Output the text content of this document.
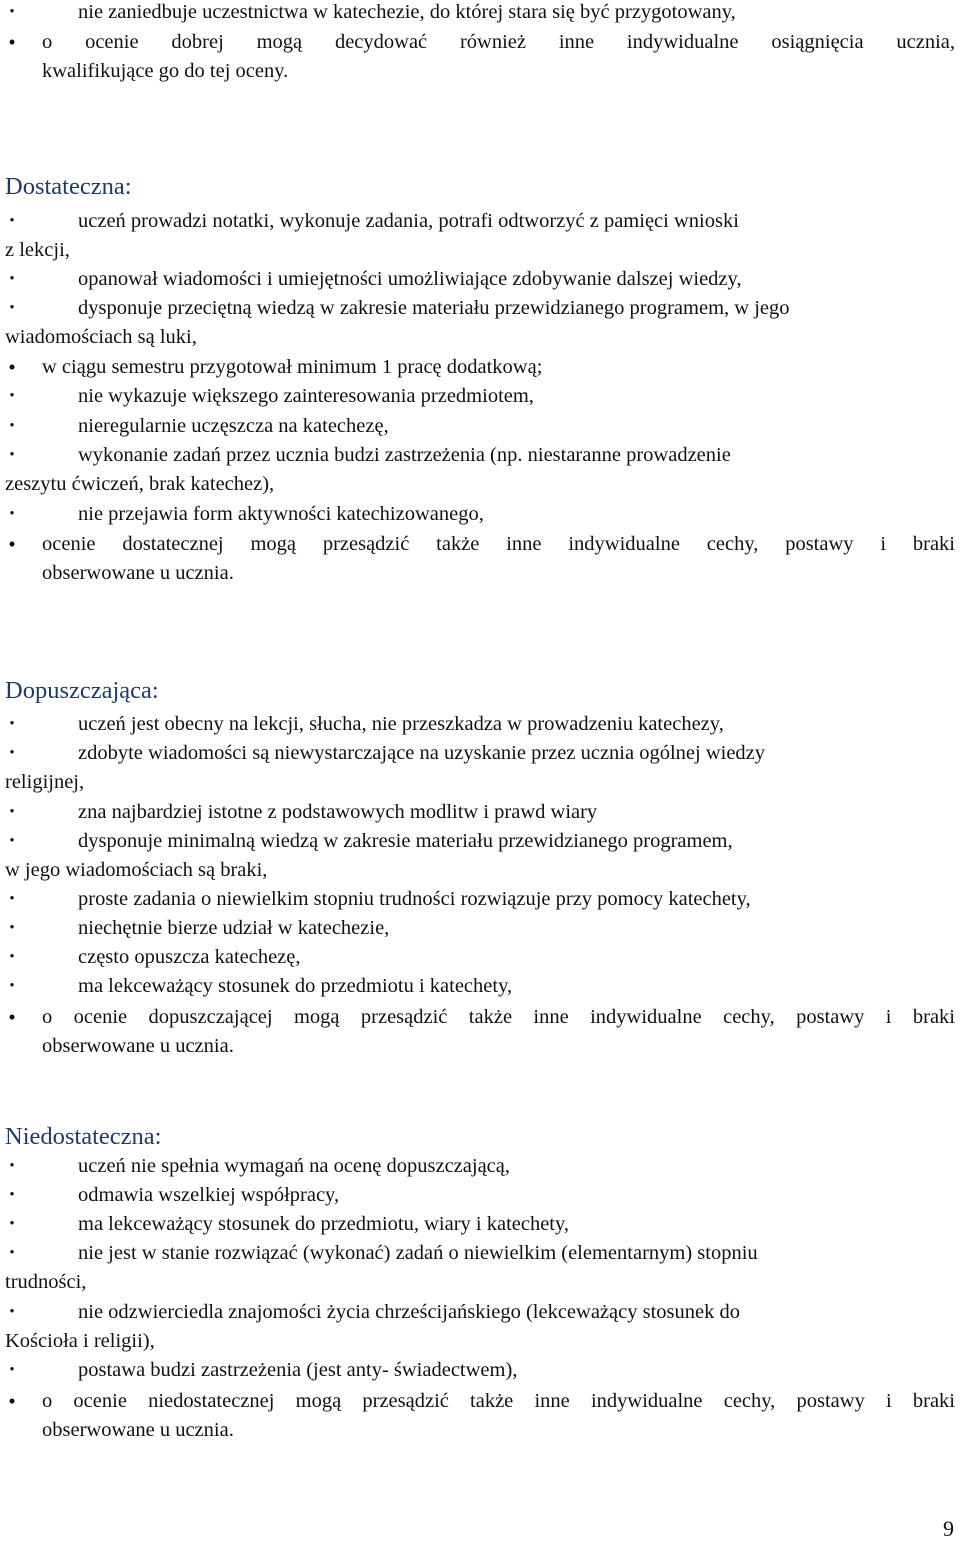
•	nie zaniedbuje uczestnictwa w katechezie, do której stara się być przygotowany,
• o ocenie dobrej mogą decydować również inne indywidualne osiągnięcia ucznia,
kwalifikujące go do tej oceny.
Dostateczna:
•	uczeń prowadzi notatki, wykonuje zadania, potrafi odtworzyć z pamięci wnioski
z lekcji,
•	opanował wiadomości i umiejętności umożliwiające zdobywanie dalszej wiedzy,
•	dysponuje przeciętną wiedzą w zakresie materiału przewidzianego programem, w jego
wiadomościach są luki,
• w ciągu semestru przygotował minimum 1 pracę dodatkową;
•	nie wykazuje większego zainteresowania przedmiotem,
•	nieregularnie uczęszcza na katechezę,
•	wykonanie zadań przez ucznia budzi zastrzeżenia (np. niestaranne prowadzenie
zeszytu ćwiczeń, brak katechez),
•	nie przejawia form aktywności katechizowanego,
• ocenie dostatecznej mogą przesądzić także inne indywidualne cechy, postawy i braki
obserwowane u ucznia.
Dopuszczająca:
•	uczeń jest obecny na lekcji, słucha, nie przeszkadza w prowadzeniu katechezy,
•	zdobyte wiadomości są niewystarczające na uzyskanie przez ucznia ogólnej wiedzy
religijnej,
•	zna najbardziej istotne z podstawowych modlitw i prawd wiary
•	dysponuje minimalną wiedzą w zakresie materiału przewidzianego programem,
w jego wiadomościach są braki,
•	proste zadania o niewielkim stopniu trudności rozwiązuje przy pomocy katechety,
•	niechętnie bierze udział w katechezie,
•	często opuszcza katechezę,
•	ma lekceważący stosunek do przedmiotu i katechety,
• o ocenie dopuszczającej mogą przesądzić także inne indywidualne cechy, postawy i braki
obserwowane u ucznia.
Niedostateczna:
•	uczeń nie spełnia wymagań na ocenę dopuszczającą,
•	odmawia wszelkiej współpracy,
•	ma lekceważący stosunek do przedmiotu, wiary i katechety,
•	nie jest w stanie rozwiązać (wykonać) zadań o niewielkim (elementarnym) stopniu
trudności,
•	nie odzwierciedla znajomości życia chrześcijańskiego (lekceważący stosunek do
Kościoła i religii),
•	postawa budzi zastrzeżenia (jest anty- świadectwem),
• o ocenie niedostatecznej mogą przesądzić także inne indywidualne cechy, postawy i braki
obserwowane u ucznia.
9
